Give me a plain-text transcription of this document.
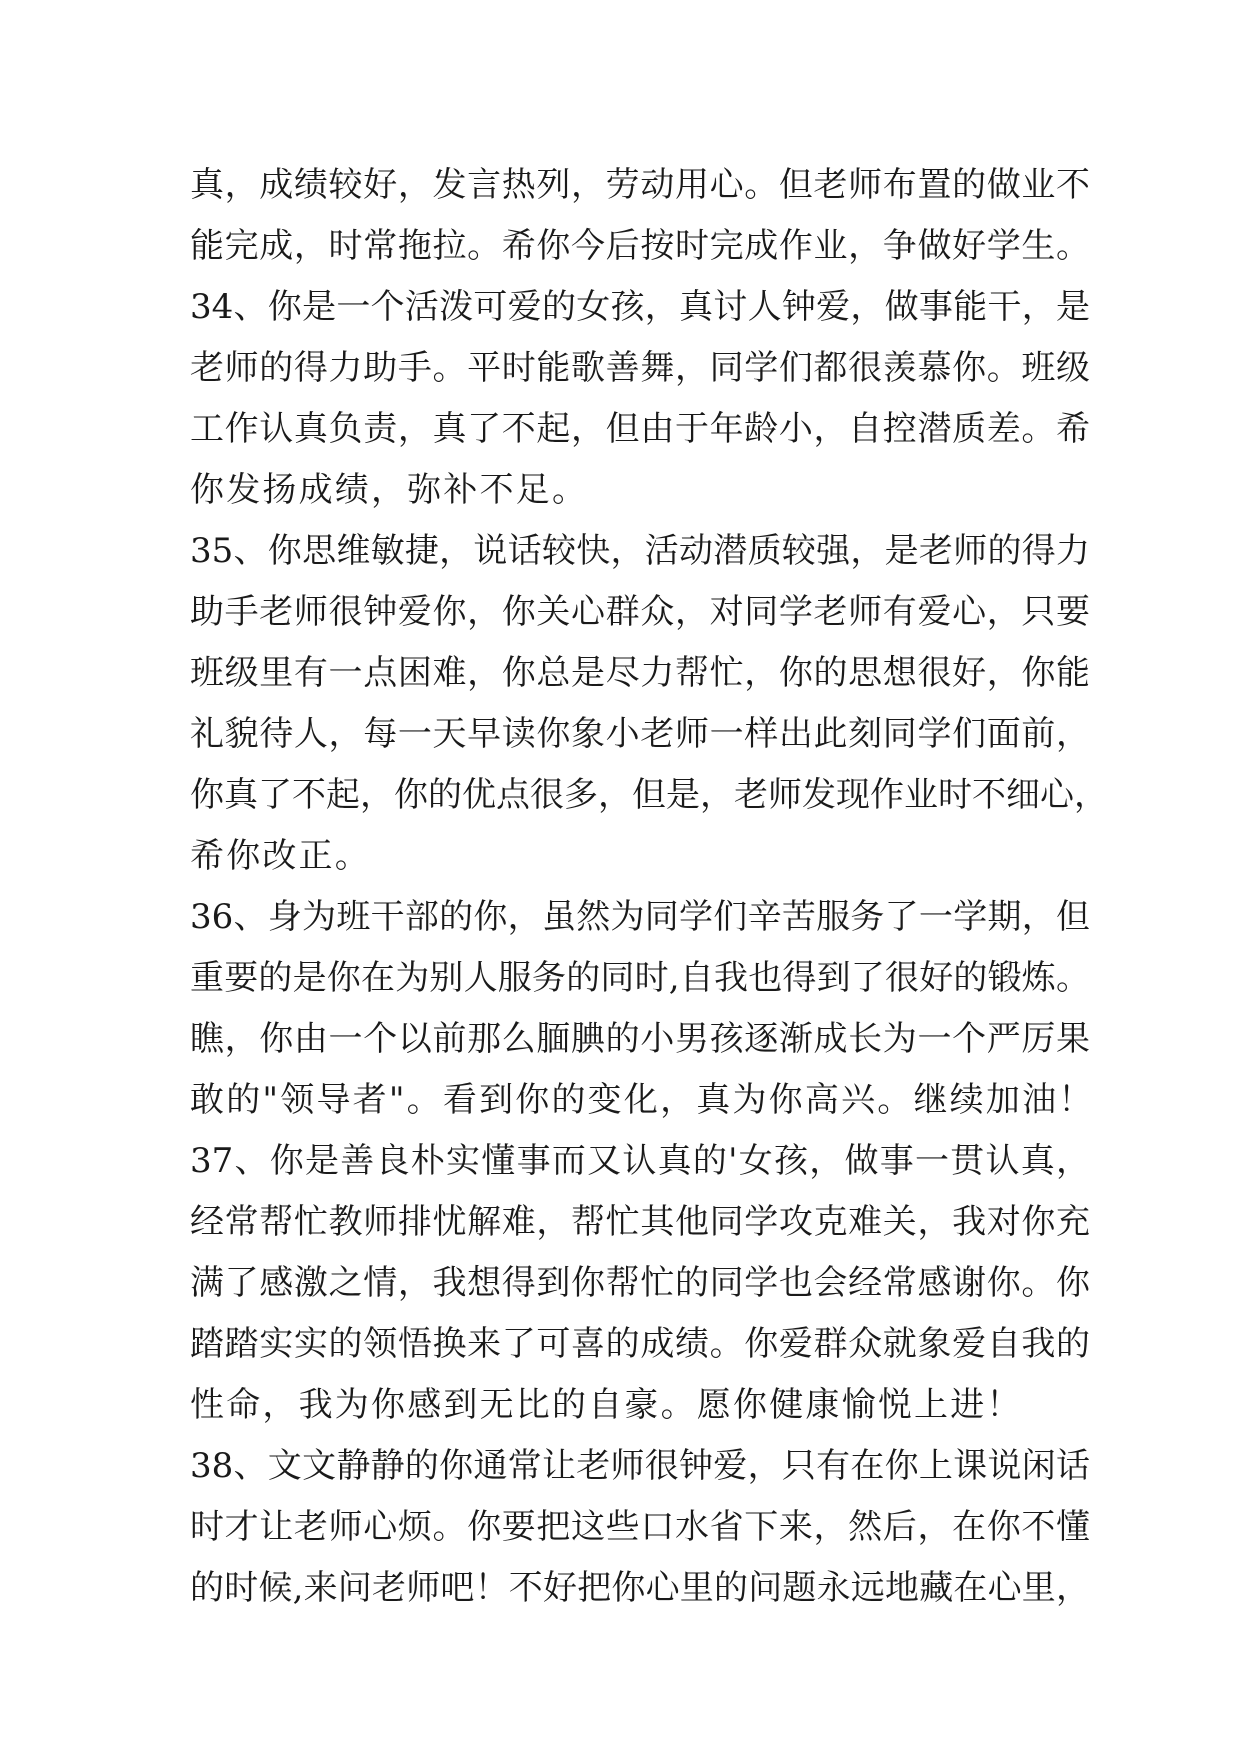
真，成绩较好，发言热列，劳动用心。但老师布置的做业不
能完成，时常拖拉。希你今后按时完成作业，争做好学生。
34、你是一个活泼可爱的女孩，真讨人钟爱，做事能干，是
老师的得力助手。平时能歌善舞，同学们都很羡慕你。班级
工作认真负责，真了不起，但由于年龄小，自控潜质差。希
你发扬成绩，弥补不足。
35、你思维敏捷，说话较快，活动潜质较强，是老师的得力
助手老师很钟爱你，你关心群众，对同学老师有爱心，只要
班级里有一点困难，你总是尽力帮忙，你的思想很好，你能
礼貌待人，每一天早读你象小老师一样出此刻同学们面前，
你真了不起，你的优点很多，但是，老师发现作业时不细心，
希你改正。
36、身为班干部的你，虽然为同学们辛苦服务了一学期，但
重要的是你在为别人服务的同时,自我也得到了很好的锻炼。
瞧，你由一个以前那么腼腆的小男孩逐渐成长为一个严厉果
敢的"领导者"。看到你的变化，真为你高兴。继续加油！
37、你是善良朴实懂事而又认真的'女孩，做事一贯认真，
经常帮忙教师排忧解难，帮忙其他同学攻克难关，我对你充
满了感激之情，我想得到你帮忙的同学也会经常感谢你。你
踏踏实实的领悟换来了可喜的成绩。你爱群众就象爱自我的
性命，我为你感到无比的自豪。愿你健康愉悦上进！
38、文文静静的你通常让老师很钟爱，只有在你上课说闲话
时才让老师心烦。你要把这些口水省下来，然后，在你不懂
的时候,来问老师吧！不好把你心里的问题永远地藏在心里，
